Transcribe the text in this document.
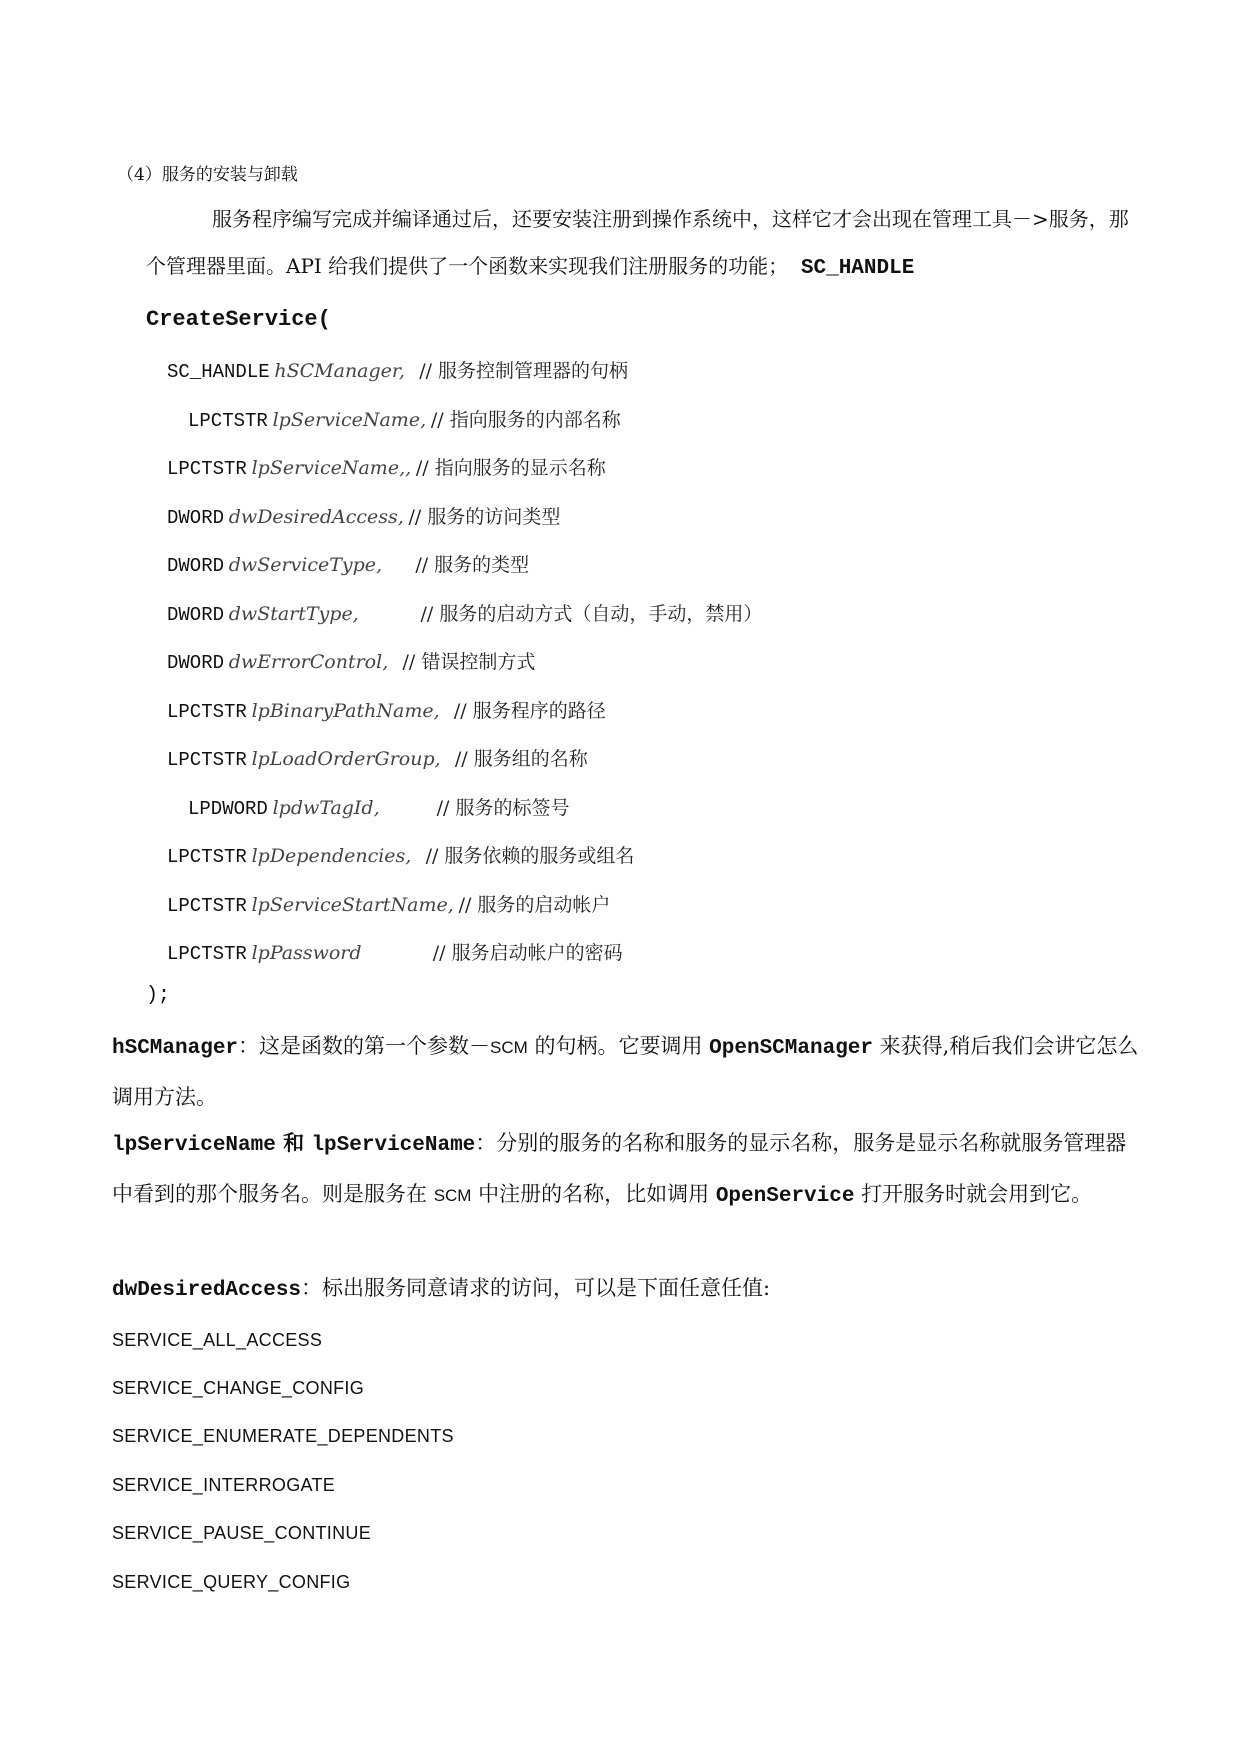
（4）服务的安装与卸载
服务程序编写完成并编译通过后，还要安装注册到操作系统中，这样它才会出现在管理工具－>服务，那个管理器里面。API 给我们提供了一个函数来实现我们注册服务的功能； SC_HANDLE
CreateService(
SC_HANDLE hSCManager, // 服务控制管理器的句柄
LPCTSTR lpServiceName, // 指向服务的内部名称
LPCTSTR lpServiceName,, // 指向服务的显示名称
DWORD dwDesiredAccess, // 服务的访问类型
DWORD dwServiceType, // 服务的类型
DWORD dwStartType,	// 服务的启动方式（自动，手动，禁用）
DWORD dwErrorControl, // 错误控制方式
LPCTSTR lpBinaryPathName, // 服务程序的路径
LPCTSTR lpLoadOrderGroup, // 服务组的名称
LPDWORD lpdwTagId,	// 服务的标签号
LPCTSTR lpDependencies, // 服务依赖的服务或组名
LPCTSTR lpServiceStartName, // 服务的启动帐户
LPCTSTR lpPassword	// 服务启动帐户的密码
);
hSCManager：这是函数的第一个参数－SCM 的句柄。它要调用 OpenSCManager 来获得,稍后我们会讲它怎么调用方法。
lpServiceName 和 lpServiceName：分别的服务的名称和服务的显示名称，服务是显示名称就服务管理器中看到的那个服务名。则是服务在 SCM 中注册的名称，比如调用 OpenService 打开服务时就会用到它。
dwDesiredAccess：标出服务同意请求的访问，可以是下面任意任值:
SERVICE_ALL_ACCESS
SERVICE_CHANGE_CONFIG
SERVICE_ENUMERATE_DEPENDENTS
SERVICE_INTERROGATE
SERVICE_PAUSE_CONTINUE
SERVICE_QUERY_CONFIG
